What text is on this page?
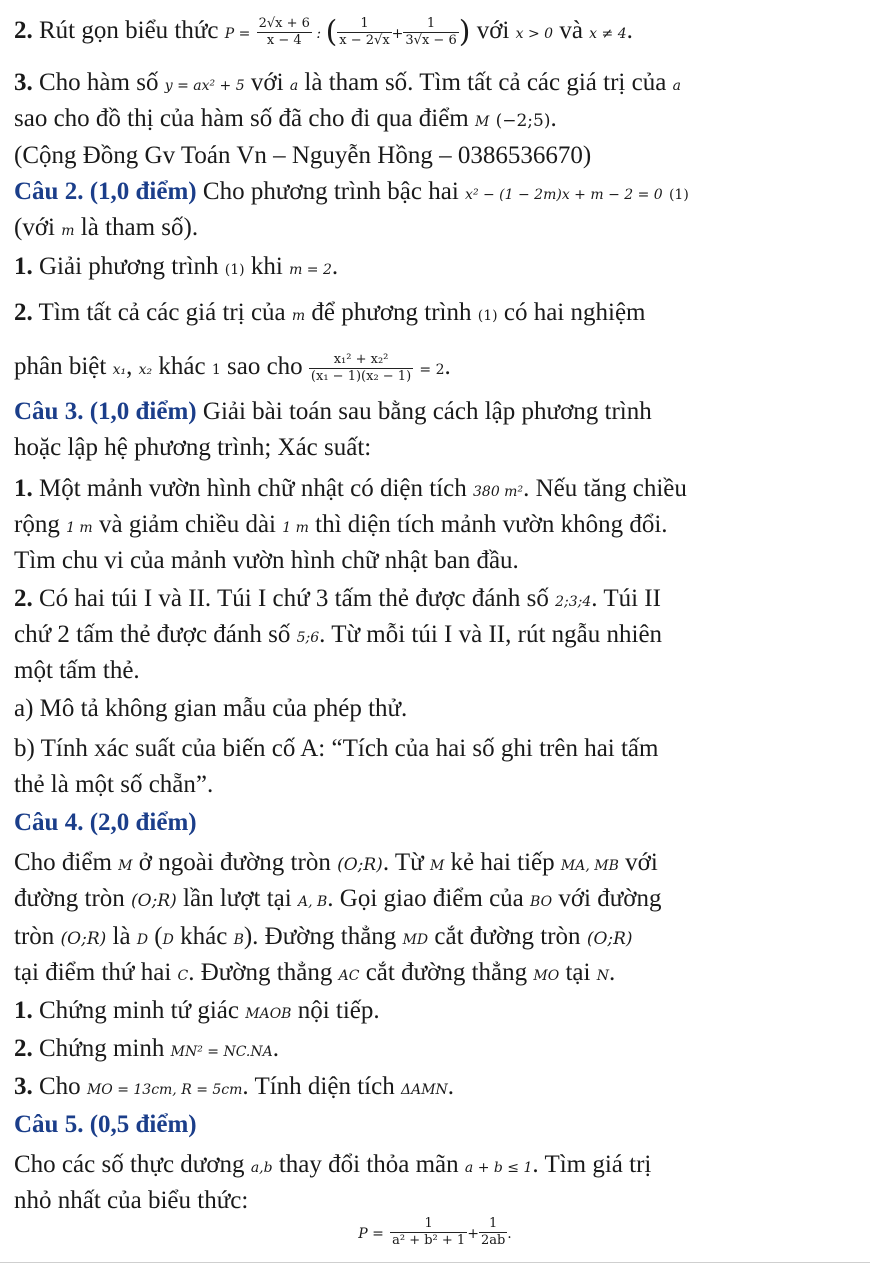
2. Rút gọn biểu thức $P = \frac{2√x + 6}{x - 4}$ : ( $\frac{1}{x - 2√x} + \frac{1}{3√x - 6}$ ) với x > 0 và x ≠ 4.
3. Cho hàm số y = ax² + 5 với a là tham số. Tìm tất cả các giá trị của a
sao cho đồ thị của hàm số đã cho đi qua điểm M (−2;5).
(Cộng Đồng Gv Toán Vn – Nguyễn Hồng – 0386536670)
Câu 2. (1,0 điểm) Cho phương trình bậc hai x² − (1 − 2m)x + m − 2 = 0 (1)
(với m là tham số).
1. Giải phương trình (1) khi m = 2.
2. Tìm tất cả các giá trị của m để phương trình (1) có hai nghiệm
phân biệt x₁, x₂ khác 1 sao cho $\frac{\text{x₁² + x₂²}}{\text{(x₁ − 1)(x₂ − 1)}} = 2$.
Câu 3. (1,0 điểm) Giải bài toán sau bằng cách lập phương trình
hoặc lập hệ phương trình; Xác suất:
1. Một mảnh vườn hình chữ nhật có diện tích 380 m². Nếu tăng chiều
rộng 1 m và giảm chiều dài 1 m thì diện tích mảnh vườn không đổi.
Tìm chu vi của mảnh vườn hình chữ nhật ban đầu.
2. Có hai túi I và II. Túi I chứ 3 tấm thẻ được đánh số 2;3;4. Túi II
chứ 2 tấm thẻ được đánh số 5;6. Từ mỗi túi I và II, rút ngẫu nhiên
một tấm thẻ.
a) Mô tả không gian mẫu của phép thử.
b) Tính xác suất của biến cố A: “Tích của hai số ghi trên hai tấm
thẻ là một số chẵn”.
Câu 4. (2,0 điểm)
Cho điểm M ở ngoài đường tròn (O;R). Từ M kẻ hai tiếp MA, MB với
đường tròn (O;R) lần lượt tại A, B. Gọi giao điểm của BO với đường
tròn (O;R) là D (D khác B). Đường thẳng MD cắt đường tròn (O;R)
tại điểm thứ hai C. Đường thẳng AC cắt đường thẳng MO tại N.
1. Chứng minh tứ giác MAOB nội tiếp.
2. Chứng minh MN² = NC.NA.
3. Cho MO = 13cm, R = 5cm. Tính diện tích ΔAMN.
Câu 5. (0,5 điểm)
Cho các số thực dương a,b thay đổi thỏa mãn a + b ≤ 1. Tìm giá trị
nhỏ nhất của biểu thức:
$P = \frac{1}{\text{a² + b² + 1}} + \frac{1}{2ab}$ .
